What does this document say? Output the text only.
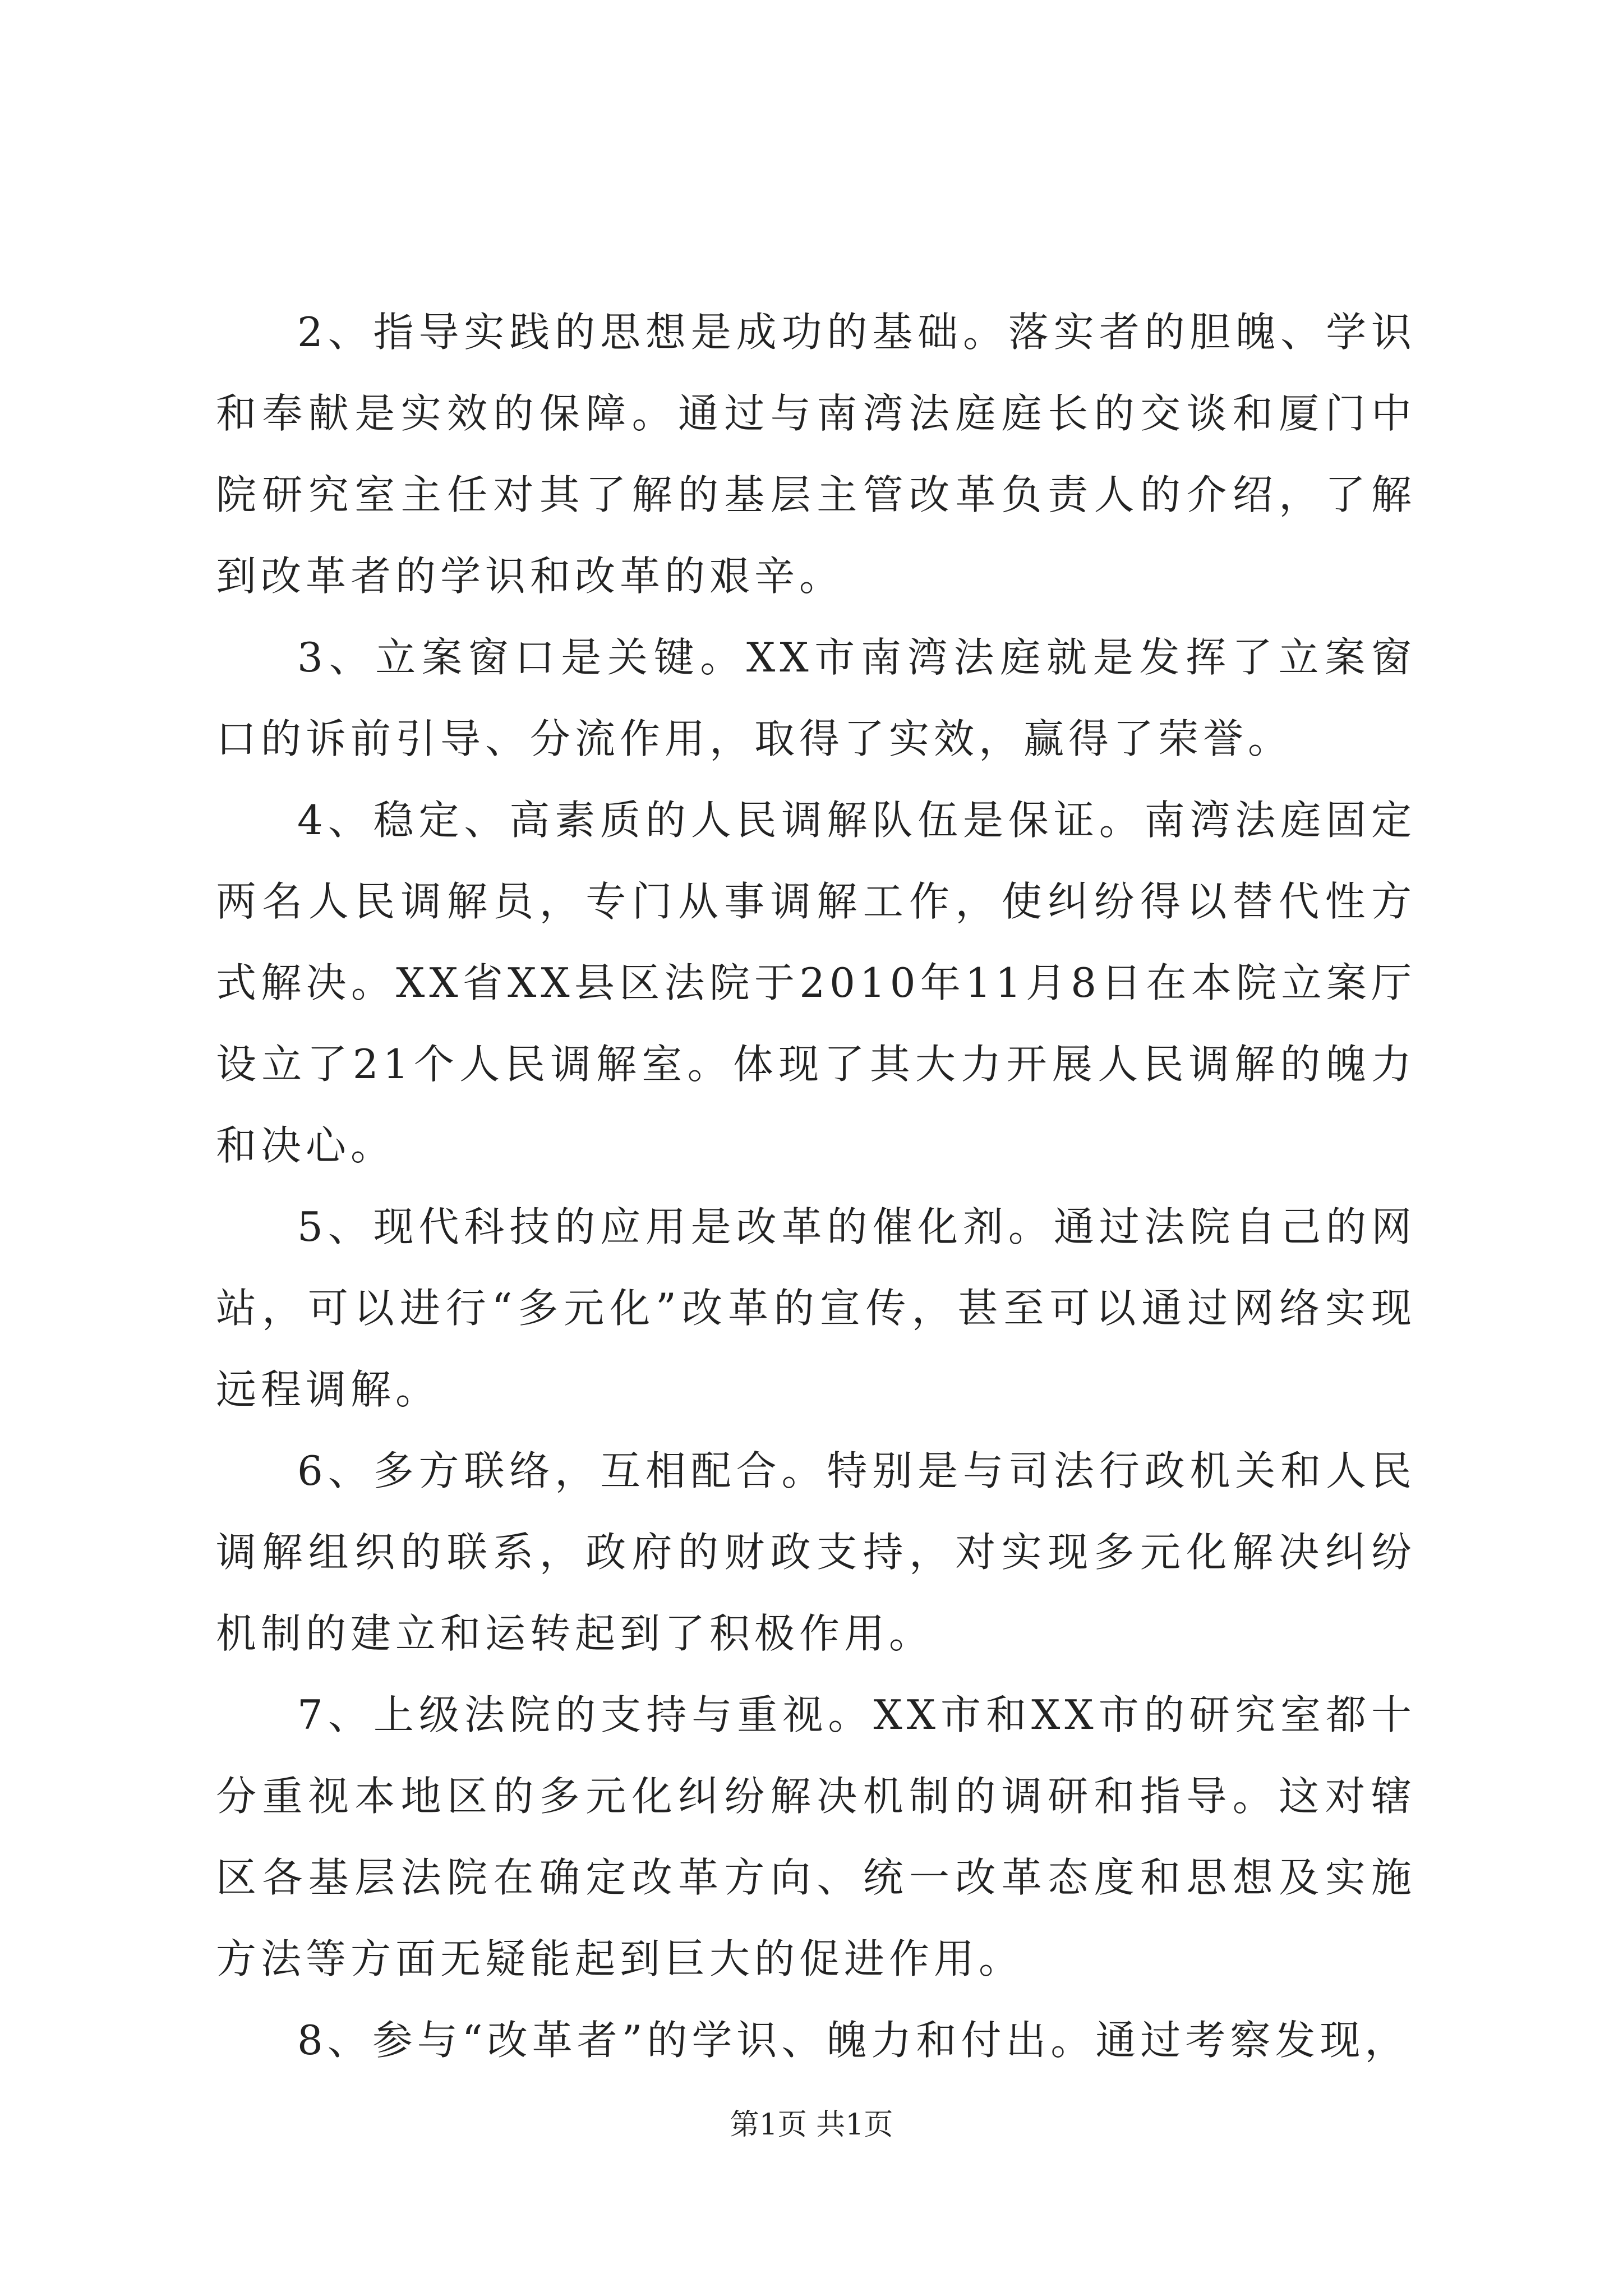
2、指导实践的思想是成功的基础。落实者的胆魄、学识和奉献是实效的保障。通过与南湾法庭庭长的交谈和厦门中院研究室主任对其了解的基层主管改革负责人的介绍，了解到改革者的学识和改革的艰辛。

3、立案窗口是关键。XX市南湾法庭就是发挥了立案窗口的诉前引导、分流作用，取得了实效，赢得了荣誉。

4、稳定、高素质的人民调解队伍是保证。南湾法庭固定两名人民调解员，专门从事调解工作，使纠纷得以替代性方式解决。XX省XX县区法院于2010年11月8日在本院立案厅设立了21个人民调解室。体现了其大力开展人民调解的魄力和决心。

5、现代科技的应用是改革的催化剂。通过法院自己的网站，可以进行“多元化”改革的宣传，甚至可以通过网络实现远程调解。

6、多方联络，互相配合。特别是与司法行政机关和人民调解组织的联系，政府的财政支持，对实现多元化解决纠纷机制的建立和运转起到了积极作用。

7、上级法院的支持与重视。XX市和XX市的研究室都十分重视本地区的多元化纠纷解决机制的调研和指导。这对辖区各基层法院在确定改革方向、统一改革态度和思想及实施方法等方面无疑能起到巨大的促进作用。

8、参与“改革者”的学识、魄力和付出。通过考察发现，

第1页 共1页
